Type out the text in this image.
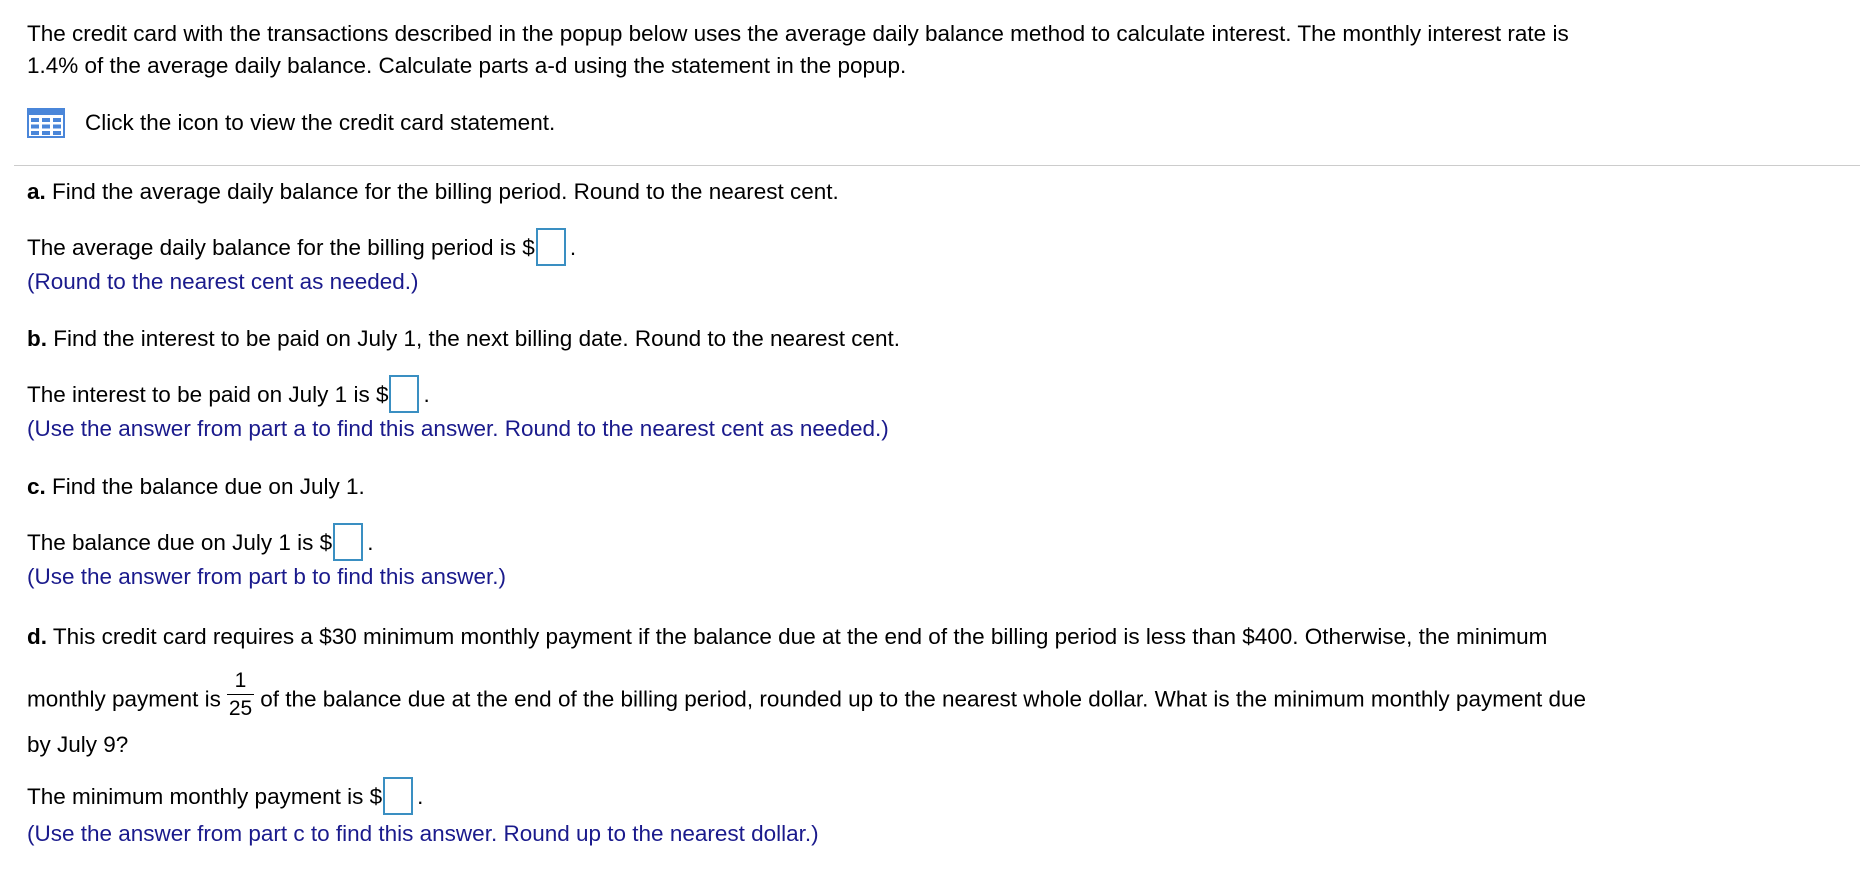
The credit card with the transactions described in the popup below uses the average daily balance method to calculate interest. The monthly interest rate is
1.4% of the average daily balance. Calculate parts a-d using the statement in the popup.
Click the icon to view the credit card statement.
a. Find the average daily balance for the billing period. Round to the nearest cent.
The average daily balance for the billing period is $ .
(Round to the nearest cent as needed.)
b. Find the interest to be paid on July 1, the next billing date. Round to the nearest cent.
The interest to be paid on July 1 is $ .
(Use the answer from part a to find this answer. Round to the nearest cent as needed.)
c. Find the balance due on July 1.
The balance due on July 1 is $ .
(Use the answer from part b to find this answer.)
d. This credit card requires a $30 minimum monthly payment if the balance due at the end of the billing period is less than $400. Otherwise, the minimum
monthly payment is $\frac{1}{25}$ of the balance due at the end of the billing period, rounded up to the nearest whole dollar. What is the minimum monthly payment due
by July 9?
The minimum monthly payment is $ .
(Use the answer from part c to find this answer. Round up to the nearest dollar.)
